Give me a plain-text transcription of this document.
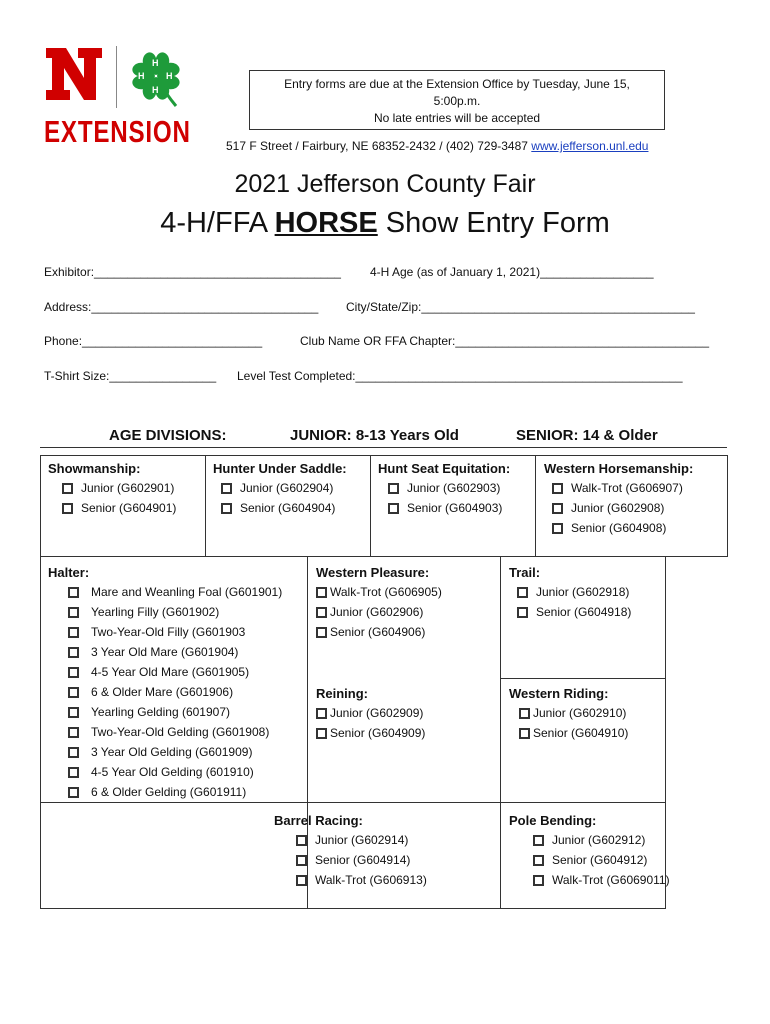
H
H
H H
EXTENSION
Entry forms are due at the Extension Office by Tuesday, June 15,
5:00p.m.
No late entries will be accepted
517 F Street / Fairbury, NE 68352-2432 / (402) 729-3487 www.jefferson.unl.edu
2021 Jefferson County Fair
4-H/FFA HORSE Show Entry Form
Exhibitor:_____________________________________ 4-H Age (as of January 1, 2021)_________________
Address:__________________________________ City/State/Zip:_________________________________________
Phone:___________________________	Club Name OR FFA Chapter:______________________________________
T-Shirt Size:________________ Level Test Completed:_________________________________________________
AGE DIVISIONS:	JUNIOR: 8-13 Years Old	SENIOR: 14 & Older
Showmanship:
Junior (G602901)
Senior (G604901)
Hunter Under Saddle:
Junior (G602904)
Senior (G604904)
Hunt Seat Equitation:
Junior (G602903)
Senior (G604903)
Western Horsemanship:
Walk-Trot (G606907)
Junior (G602908)
Senior (G604908)
Halter:
Mare and Weanling Foal (G601901)
Yearling Filly (G601902)
Two-Year-Old Filly (G601903
3 Year Old Mare (G601904)
4-5 Year Old Mare (G601905)
6 & Older Mare (G601906)
Yearling Gelding (601907)
Two-Year-Old Gelding (G601908)
3 Year Old Gelding (G601909)
4-5 Year Old Gelding (601910)
6 & Older Gelding (G601911)
Western Pleasure:
Walk-Trot (G606905)
Junior (G602906)
Senior (G604906)
Trail:
Junior (G602918)
Senior (G604918)
Reining:
Junior (G602909)
Senior (G604909)
Western Riding:
Junior (G602910)
Senior (G604910)
Barrel Racing:
Junior (G602914)
Senior (G604914)
Walk-Trot (G606913)
Pole Bending:
Junior (G602912)
Senior (G604912)
Walk-Trot (G6069011)
